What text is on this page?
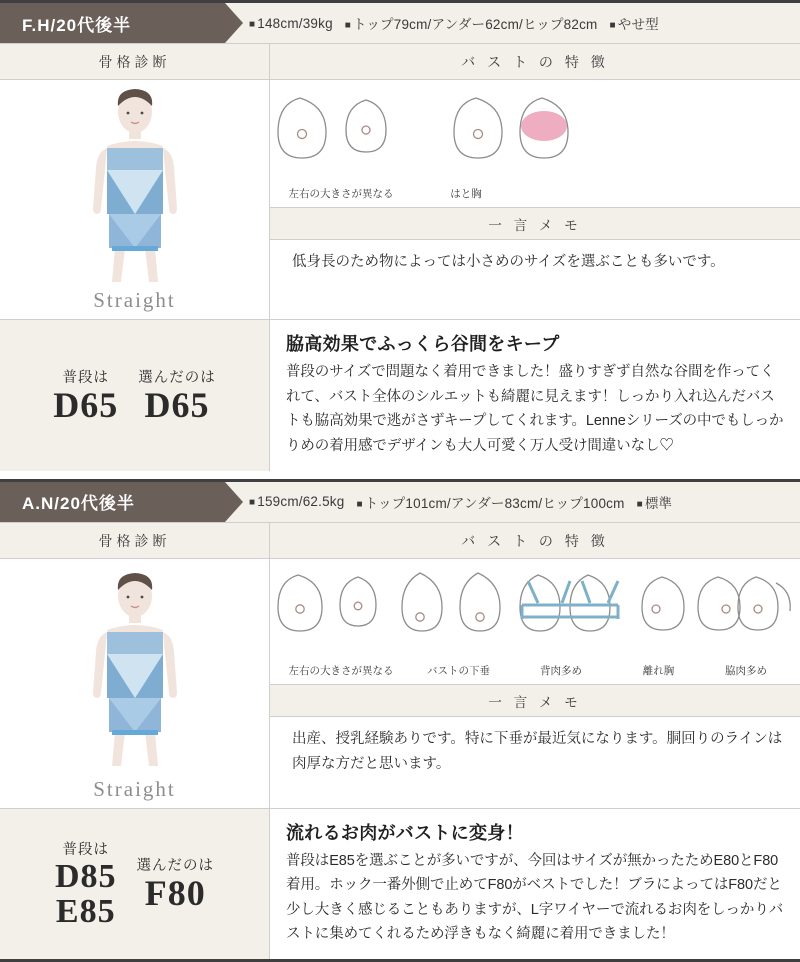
F.H/20代後半	■ 148cm/39kg ■ トップ79cm/アンダー62cm/ヒップ82cm ■ やせ型
骨格診断
Straight
バ ス ト の 特 徴
左右の大きさが異なる	はと胸
一 言 メ モ
低身長のため物によっては小さめのサイズを選ぶことも多いです。
普段は
D65
選んだのは
D65
脇高効果でふっくら谷間をキープ
普段のサイズで問題なく着用できました！盛りすぎず自然な谷間を作ってくれて、バスト全体のシルエットも綺麗に見えます！しっかり入れ込んだバストも脇高効果で逃がさずキープしてくれます。Lenneシリーズの中でもしっかりめの着用感でデザインも大人可愛く万人受け間違いなし♡
A.N/20代後半	■ 159cm/62.5kg ■ トップ101cm/アンダー83cm/ヒップ100cm ■ 標準
骨格診断
Straight
バ ス ト の 特 徴
左右の大きさが異なる	バストの下垂	背肉多め	離れ胸	脇肉多め
一 言 メ モ
出産、授乳経験ありです。特に下垂が最近気になります。胴回りのラインは肉厚な方だと思います。
普段は
D85
E85
選んだのは
F80
流れるお肉がバストに変身！
普段はE85を選ぶことが多いですが、今回はサイズが無かったためE80とF80着用。ホック一番外側で止めてF80がベストでした！ブラによってはF80だと少し大きく感じることもありますが、L字ワイヤーで流れるお肉をしっかりバストに集めてくれるため浮きもなく綺麗に着用できました！
